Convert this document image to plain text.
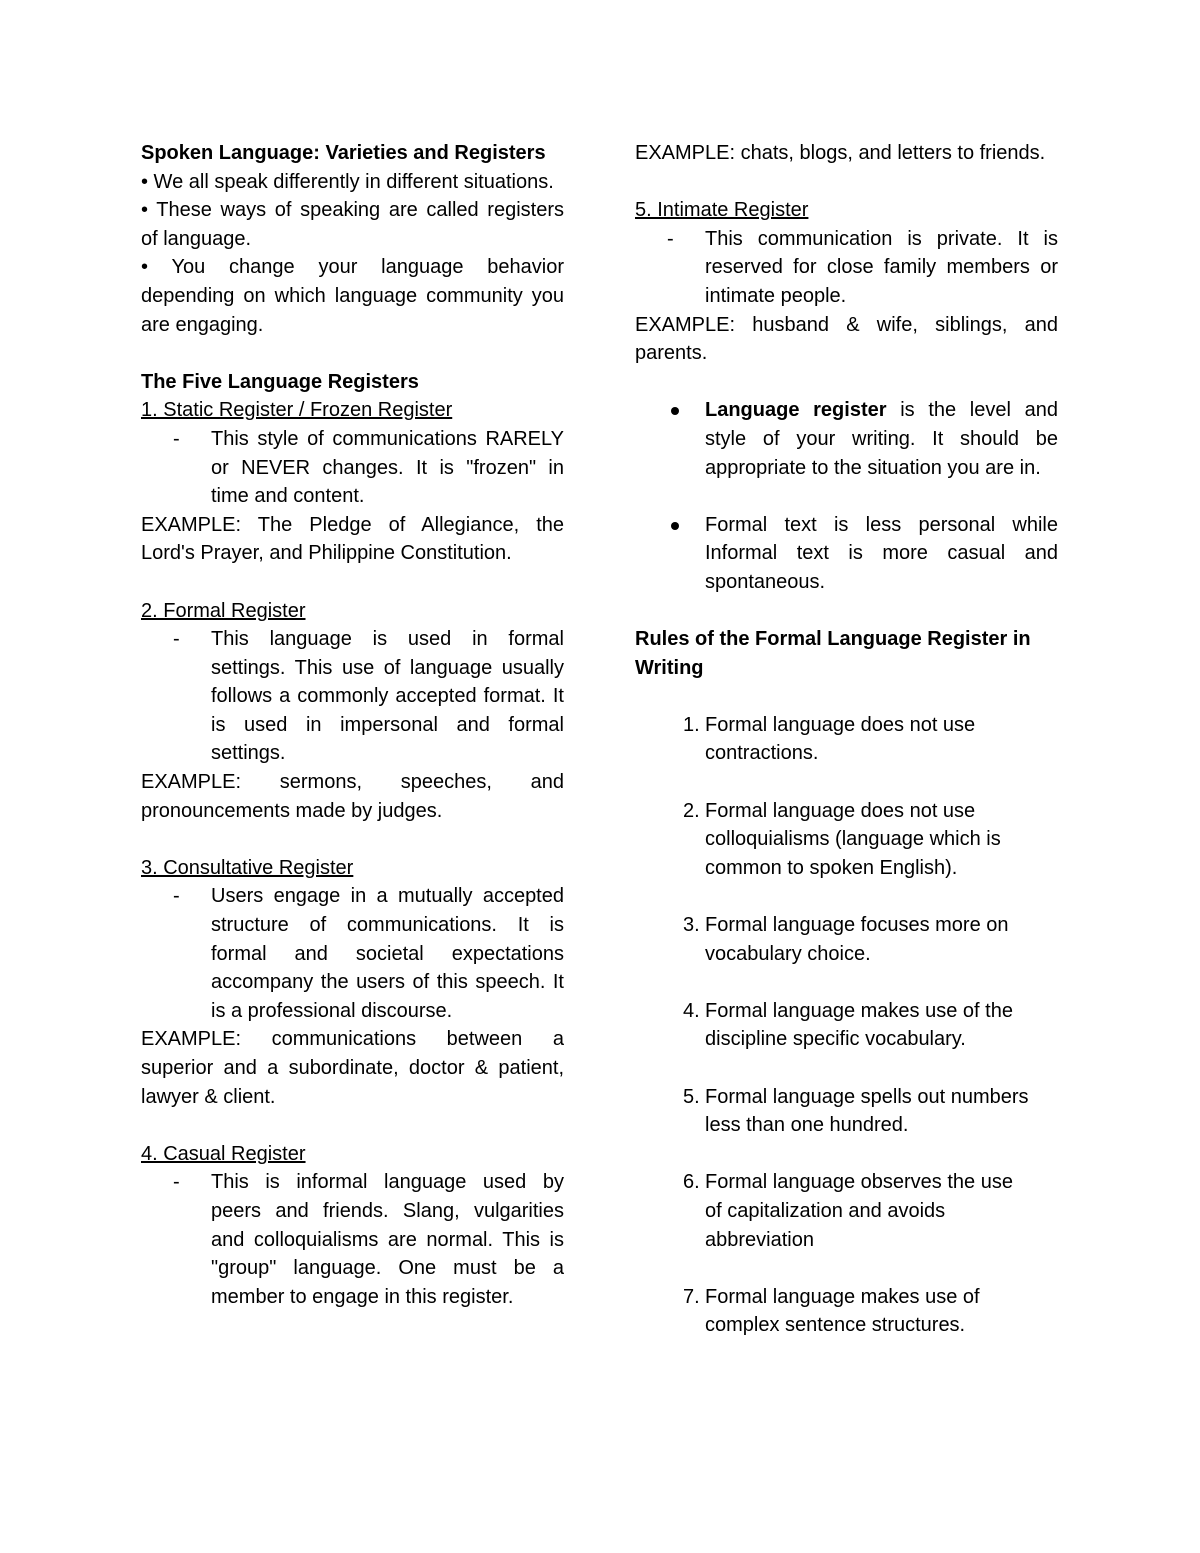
Spoken Language: Varieties and Registers

• We all speak differently in different situations.

• These ways of speaking are called registers of language.

• You change your language behavior depending on which language community you are engaging.

The Five Language Registers

1. Static Register / Frozen Register

-	This style of communications RARELY or NEVER changes. It is "frozen" in time and content.

EXAMPLE: The Pledge of Allegiance, the Lord's Prayer, and Philippine Constitution.

2. Formal Register

-	This language is used in formal settings. This use of language usually follows a commonly accepted format. It is used in impersonal and formal settings.

EXAMPLE: sermons, speeches, and pronouncements made by judges.

3. Consultative Register

-	Users engage in a mutually accepted structure of communications. It is formal and societal expectations accompany the users of this speech. It is a professional discourse.

EXAMPLE: communications between a superior and a subordinate, doctor & patient, lawyer & client.

4. Casual Register

-	This is informal language used by peers and friends. Slang, vulgarities and colloquialisms are normal. This is "group" language. One must be a member to engage in this register.

EXAMPLE: chats, blogs, and letters to friends.

5. Intimate Register

-	This communication is private. It is reserved for close family members or intimate people.

EXAMPLE: husband & wife, siblings, and parents.

Language register is the level and style of your writing. It should be appropriate to the situation you are in.
Formal text is less personal while Informal text is more casual and spontaneous.

Rules of the Formal Language Register in Writing

1. Formal language does not use contractions.
2. Formal language does not use colloquialisms (language which is common to spoken English).
3. Formal language focuses more on vocabulary choice.
4. Formal language makes use of the discipline specific vocabulary.
5. Formal language spells out numbers less than one hundred.
6. Formal language observes the use of capitalization and avoids abbreviation
7. Formal language makes use of complex sentence structures.
